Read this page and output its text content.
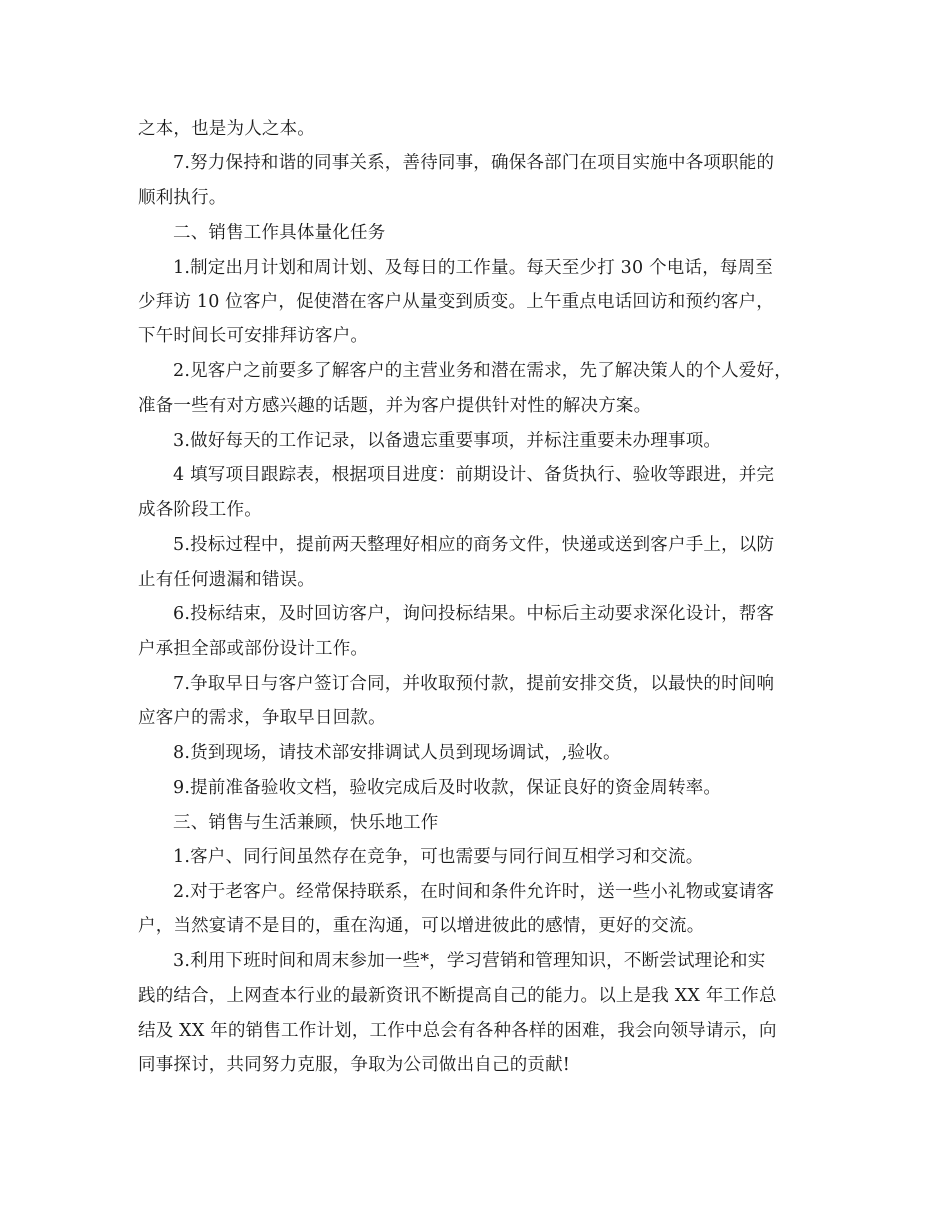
之本，也是为人之本。
7.努力保持和谐的同事关系，善待同事，确保各部门在项目实施中各项职能的
顺利执行。
二、销售工作具体量化任务
1.制定出月计划和周计划、及每日的工作量。每天至少打 30 个电话，每周至
少拜访 10 位客户，促使潜在客户从量变到质变。上午重点电话回访和预约客户，
下午时间长可安排拜访客户。
2.见客户之前要多了解客户的主营业务和潜在需求，先了解决策人的个人爱好，
准备一些有对方感兴趣的话题，并为客户提供针对性的解决方案。
3.做好每天的工作记录，以备遗忘重要事项，并标注重要未办理事项。
4 填写项目跟踪表，根据项目进度：前期设计、备货执行、验收等跟进，并完
成各阶段工作。
5.投标过程中，提前两天整理好相应的商务文件，快递或送到客户手上，以防
止有任何遗漏和错误。
6.投标结束，及时回访客户，询问投标结果。中标后主动要求深化设计，帮客
户承担全部或部份设计工作。
7.争取早日与客户签订合同，并收取预付款，提前安排交货，以最快的时间响
应客户的需求，争取早日回款。
8.货到现场，请技术部安排调试人员到现场调试，,验收。
9.提前准备验收文档，验收完成后及时收款，保证良好的资金周转率。
三、销售与生活兼顾，快乐地工作
1.客户、同行间虽然存在竞争，可也需要与同行间互相学习和交流。
2.对于老客户。经常保持联系，在时间和条件允许时，送一些小礼物或宴请客
户，当然宴请不是目的，重在沟通，可以增进彼此的感情，更好的交流。
3.利用下班时间和周末参加一些*，学习营销和管理知识，不断尝试理论和实
践的结合，上网查本行业的最新资讯不断提高自己的能力。以上是我 XX 年工作总
结及 XX 年的销售工作计划，工作中总会有各种各样的困难，我会向领导请示，向
同事探讨，共同努力克服，争取为公司做出自己的贡献!
